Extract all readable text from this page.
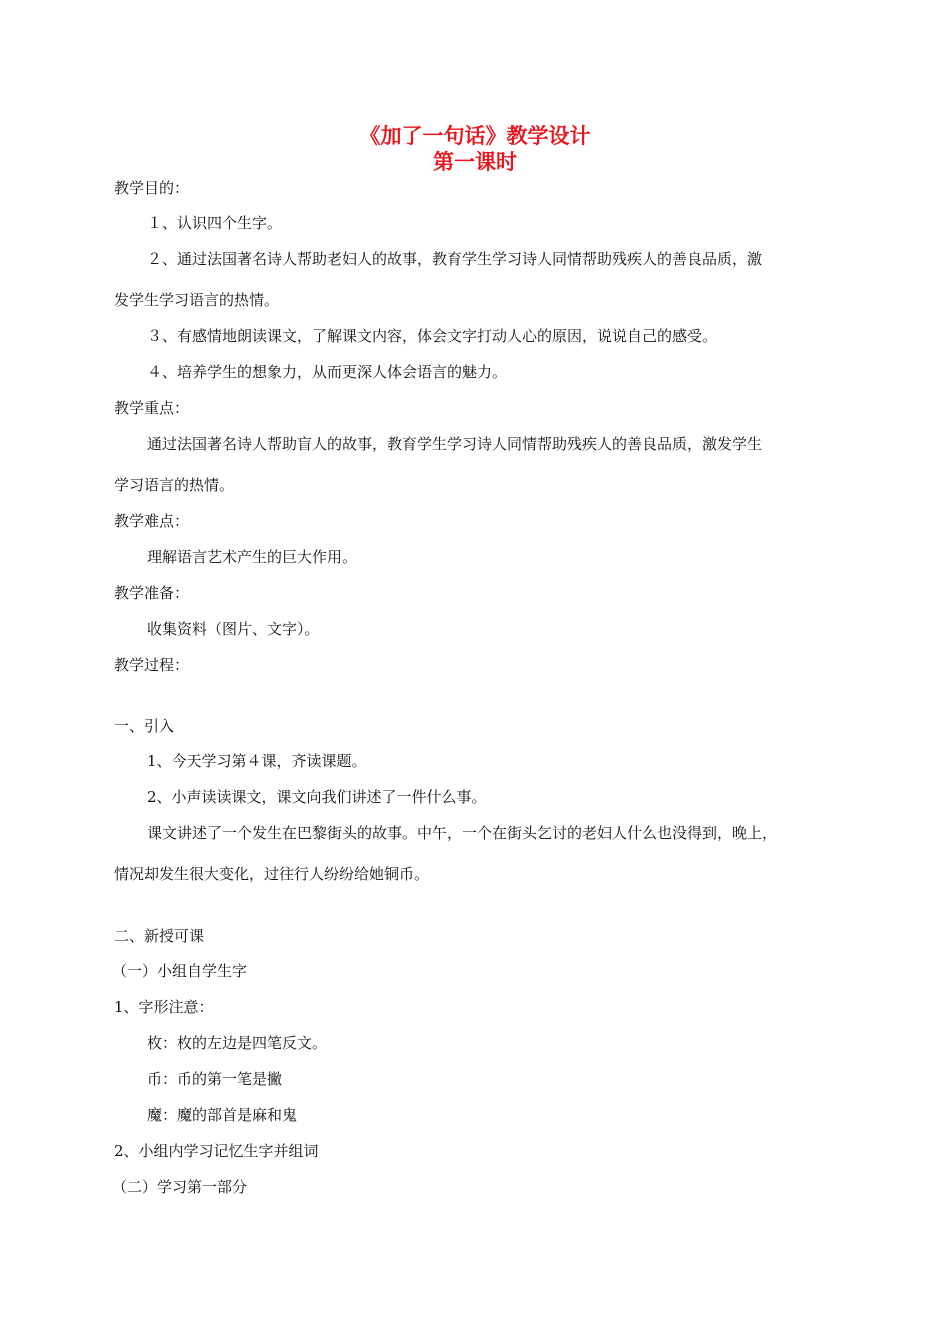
《加了一句话》教学设计
第一课时
教学目的：
１、认识四个生字。
２、通过法国著名诗人帮助老妇人的故事，教育学生学习诗人同情帮助残疾人的善良品质，激
发学生学习语言的热情。
３、有感情地朗读课文，了解课文内容，体会文字打动人心的原因，说说自己的感受。
４、培养学生的想象力，从而更深人体会语言的魅力。
教学重点：
通过法国著名诗人帮助盲人的故事，教育学生学习诗人同情帮助残疾人的善良品质，激发学生
学习语言的热情。
教学难点：
理解语言艺术产生的巨大作用。
教学准备：
收集资料（图片、文字）。
教学过程：
一、引入
1、今天学习第４课，齐读课题。
2、小声读读课文，课文向我们讲述了一件什么事。
课文讲述了一个发生在巴黎街头的故事。中午，一个在街头乞讨的老妇人什么也没得到，晚上，
情况却发生很大变化，过往行人纷纷给她铜币。
二、新授可课
（一）小组自学生字
1、字形注意：
枚：枚的左边是四笔反文。
币：币的第一笔是撇
魔：魔的部首是麻和鬼
2、小组内学习记忆生字并组词
（二）学习第一部分
